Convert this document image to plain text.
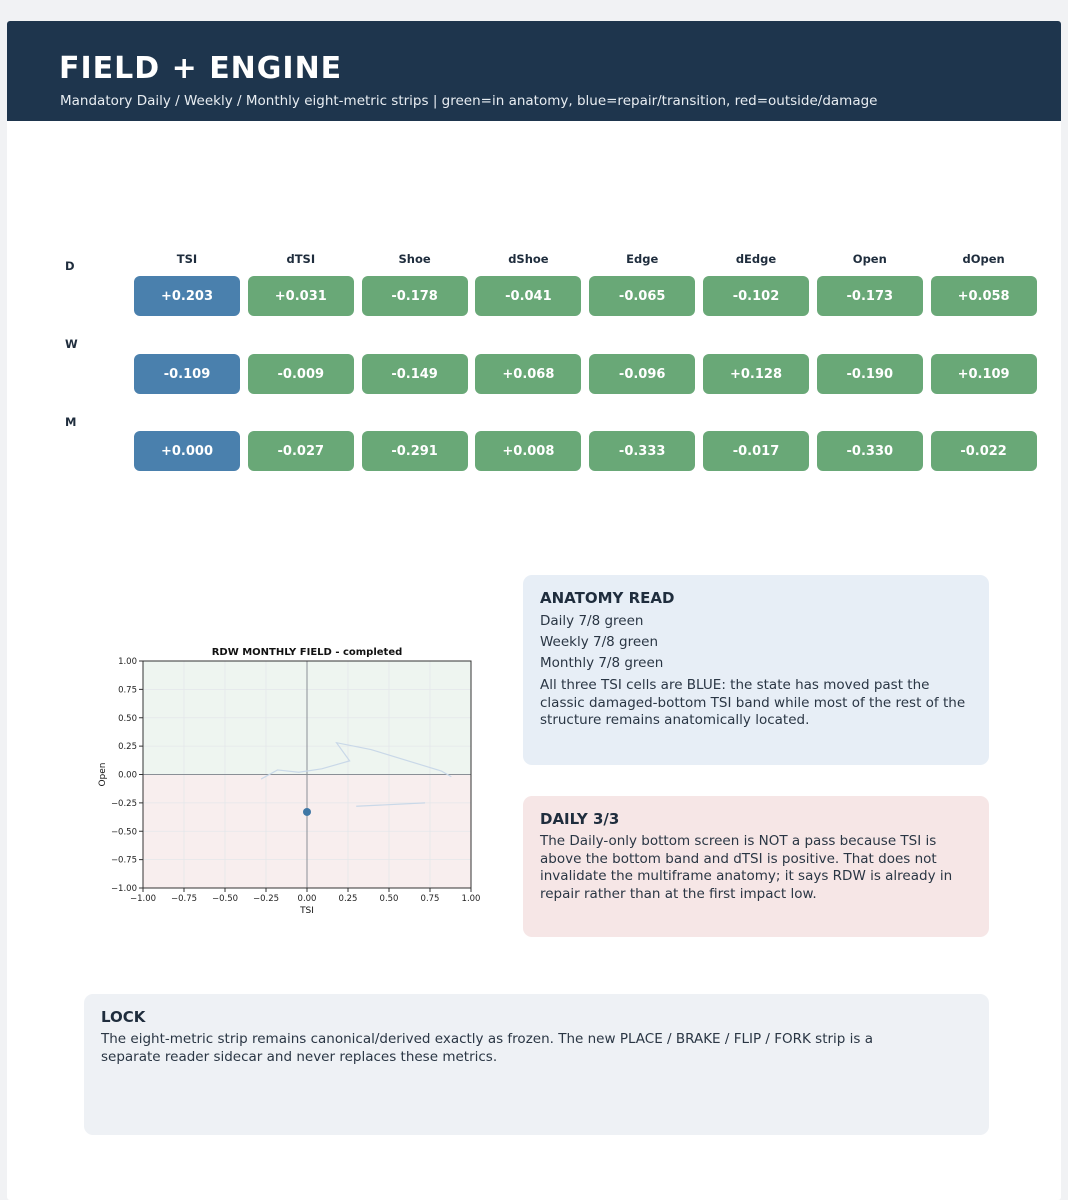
FIELD + ENGINE
Mandatory Daily / Weekly / Monthly eight-metric strips | green=in anatomy, blue=repair/transition, red=outside/damage
TSI	dTSI	Shoe	dShoe	Edge	dEdge	Open	dOpen
D
+0.203	+0.031	-0.178	-0.041	-0.065	-0.102	-0.173	+0.058
W
-0.109	-0.009	-0.149	+0.068	-0.096	+0.128	-0.190	+0.109
M
+0.000	-0.027	-0.291	+0.008	-0.333	-0.017	-0.330	-0.022
−1.00 −0.75 −0.50 −0.25 0.00	0.25	0.50	0.75	1.00
1.00
0.75
0.50
0.25
0.00
−0.25
−0.50
−0.75
−1.00
RDW MONTHLY FIELD - completed
TSI
Open
ANATOMY READ
Daily 7/8 green
Weekly 7/8 green
Monthly 7/8 green
All three TSI cells are BLUE: the state has moved past the
classic damaged-bottom TSI band while most of the rest of the
structure remains anatomically located.
DAILY 3/3
The Daily-only bottom screen is NOT a pass because TSI is
above the bottom band and dTSI is positive. That does not
invalidate the multiframe anatomy; it says RDW is already in
repair rather than at the first impact low.
LOCK
The eight-metric strip remains canonical/derived exactly as frozen. The new PLACE / BRAKE / FLIP / FORK strip is a
separate reader sidecar and never replaces these metrics.
